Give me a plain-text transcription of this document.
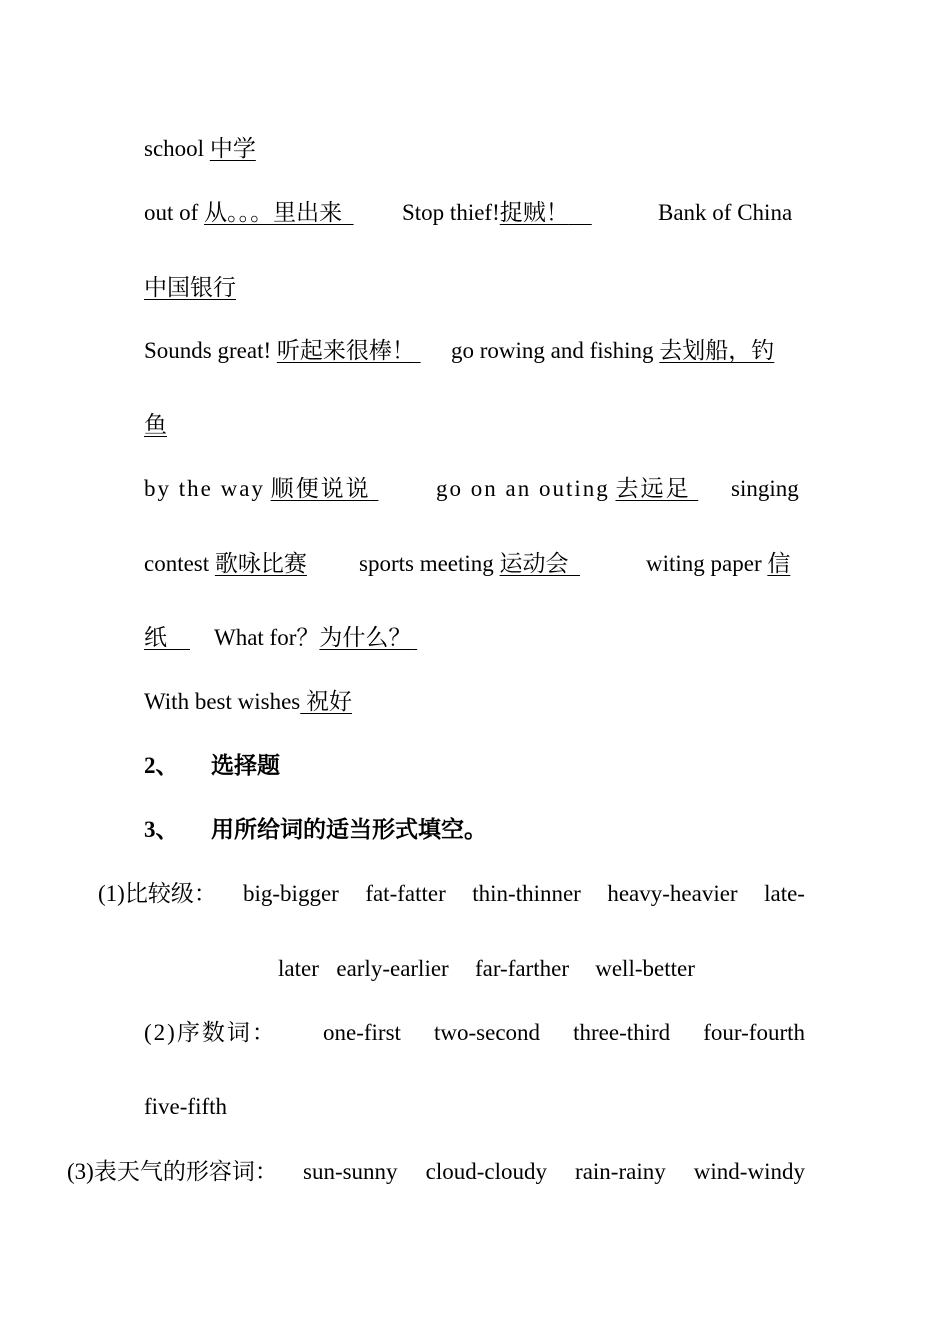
school 中学
out of 从。。。里出来	Stop thief!捉贼！	Bank of China
中国银行
Sounds great! 听起来很棒！ go rowing and fishing 去划船，钓
鱼
by the way 顺便说说	go on an outing 去远足	singing
contest 歌咏比赛 sports meeting 运动会	witing paper 信
纸	What for？为什么？
With best wishes 祝好
2、 选择题
3、 用所给词的适当形式填空。
(1)比较级： big-bigger fat-fatter thin-thinner heavy-heavier late-
later early-earlier far-farther well-better
(2)序数词： one-first two-second three-third four-fourth
five-fifth
(3)表天气的形容词： sun-sunny cloud-cloudy rain-rainy wind-windy
